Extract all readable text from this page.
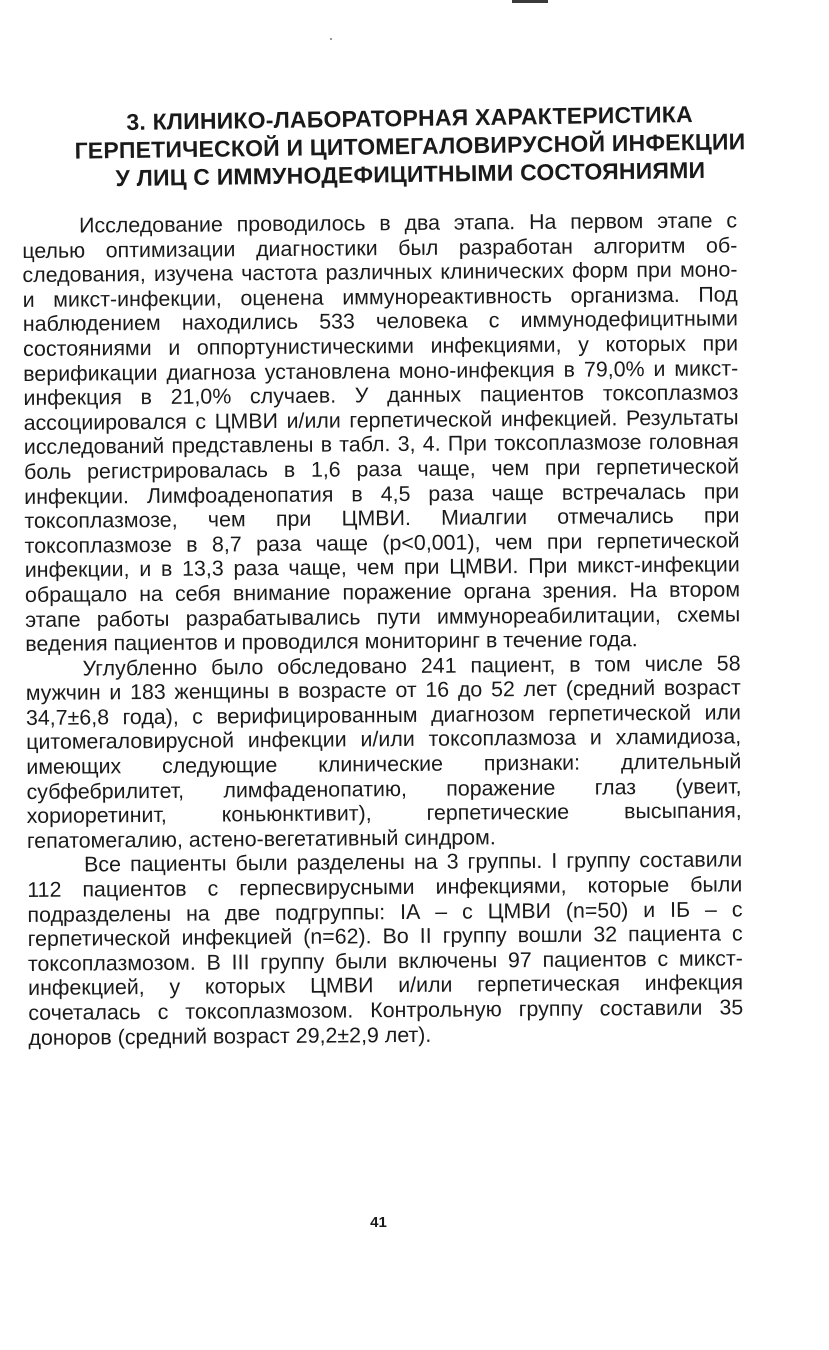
3. КЛИНИКО-ЛАБОРАТОРНАЯ ХАРАКТЕРИСТИКА
ГЕРПЕТИЧЕСКОЙ И ЦИТОМЕГАЛОВИРУСНОЙ ИНФЕКЦИИ
У ЛИЦ С ИММУНОДЕФИЦИТНЫМИ СОСТОЯНИЯМИ

Исследование проводилось в два этапа. На первом этапе с целью оптимизации диагностики был разработан алгоритм обследования, изучена частота различных клинических форм при моно- и микст-инфекции, оценена иммунореактивность организма. Под наблюдением находились 533 человека с иммунодефицитными состояниями и оппортунистическими инфекциями, у которых при верификации диагноза установлена моно-инфекция в 79,0% и микст-инфекция в 21,0% случаев. У данных пациентов токсоплазмоз ассоциировался с ЦМВИ и/или герпетической инфекцией. Результаты исследований представлены в табл. 3, 4. При токсоплазмозе головная боль регистрировалась в 1,6 раза чаще, чем при герпетической инфекции. Лимфоаденопатия в 4,5 раза чаще встречалась при токсоплазмозе, чем при ЦМВИ. Миалгии отмечались при токсоплазмозе в 8,7 раза чаще (p<0,001), чем при герпетической инфекции, и в 13,3 раза чаще, чем при ЦМВИ. При микст-инфекции обращало на себя внимание поражение органа зрения. На втором этапе работы разрабатывались пути иммунореабилитации, схемы ведения пациентов и проводился мониторинг в течение года.

Углубленно было обследовано 241 пациент, в том числе 58 мужчин и 183 женщины в возрасте от 16 до 52 лет (средний возраст 34,7±6,8 года), с верифицированным диагнозом герпетической или цитомегаловирусной инфекции и/или токсоплазмоза и хламидиоза, имеющих следующие клинические признаки: длительный субфебрилитет, лимфаденопатию, поражение глаз (увеит, хориоретинит, коньюнктивит), герпетические высыпания, гепатомегалию, астено-вегетативный синдром.

Все пациенты были разделены на 3 группы. I группу составили 112 пациентов с герпесвирусными инфекциями, которые были подразделены на две подгруппы: IА – с ЦМВИ (n=50) и IБ – с герпетической инфекцией (n=62). Во II группу вошли 32 пациента с токсоплазмозом. В III группу были включены 97 пациентов с микст-инфекцией, у которых ЦМВИ и/или герпетическая инфекция сочеталась с токсоплазмозом. Контрольную группу составили 35 доноров (средний возраст 29,2±2,9 лет).

41
